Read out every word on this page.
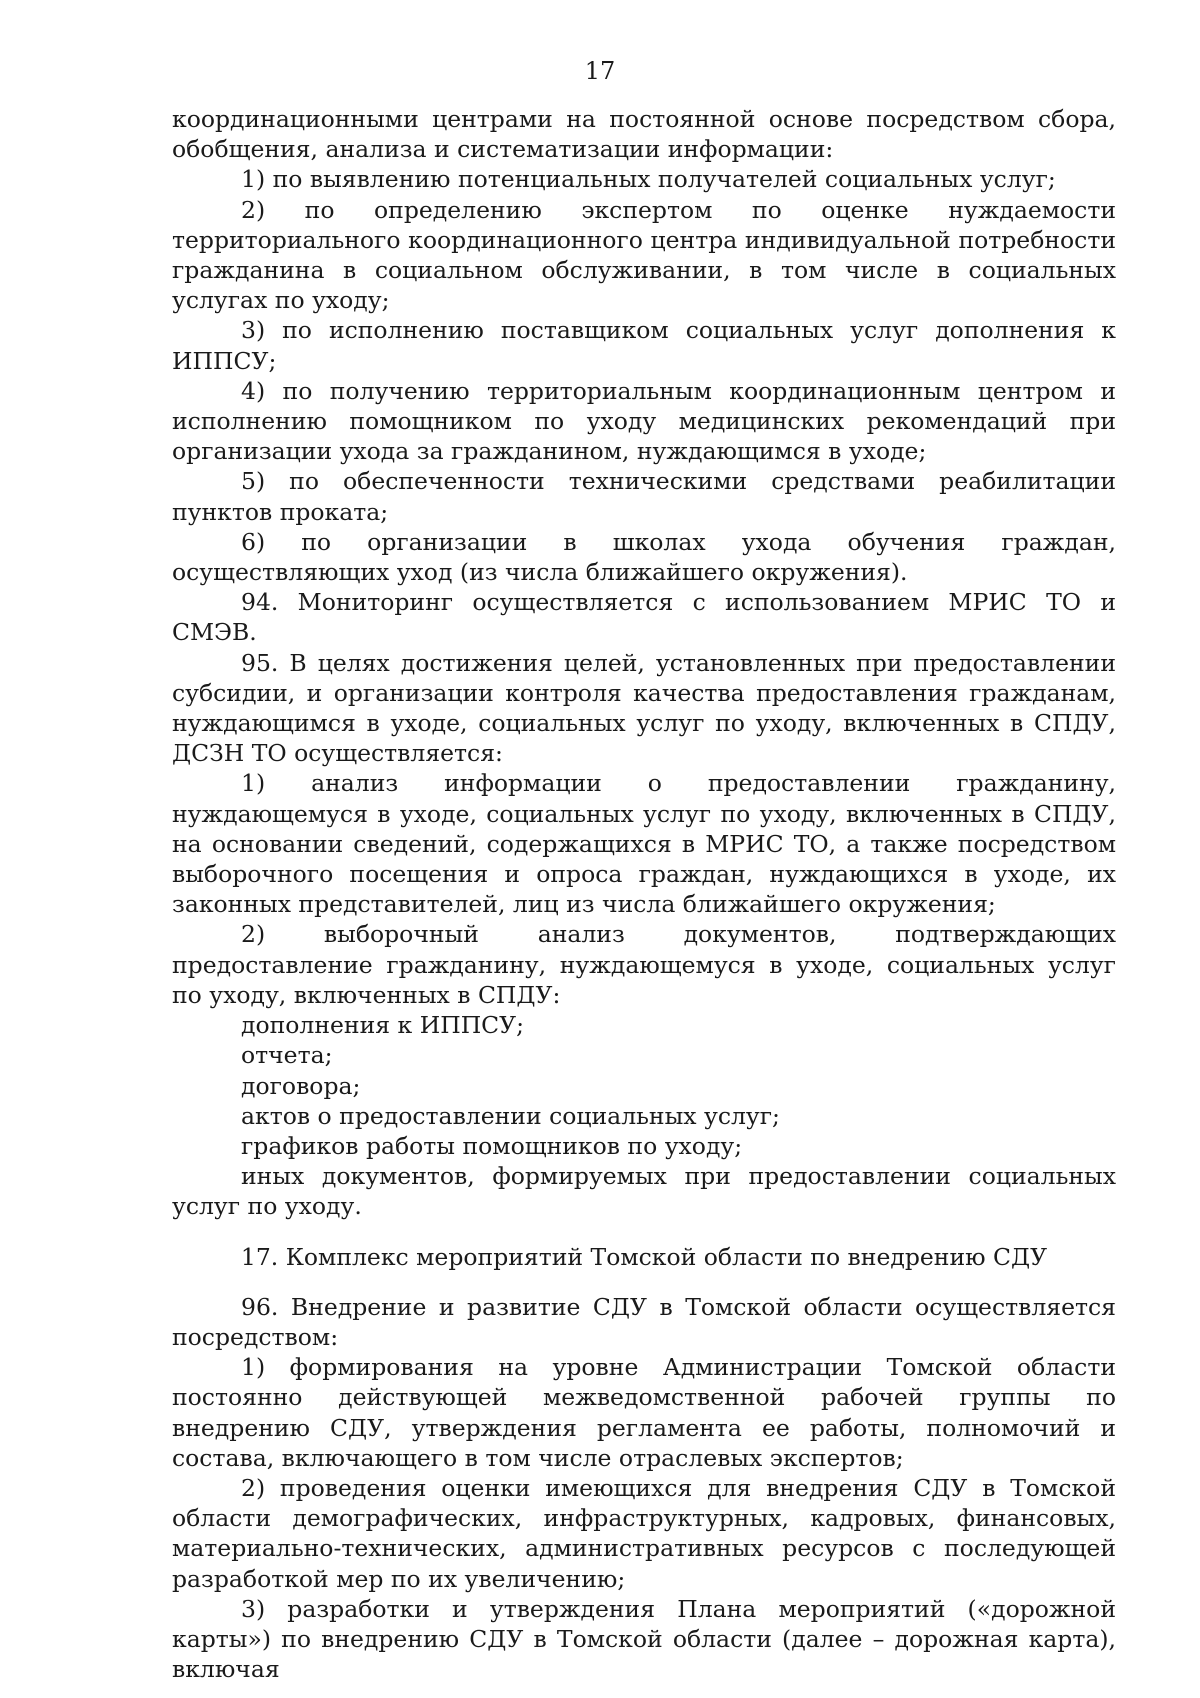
17

координационными центрами на постоянной основе посредством сбора, обобщения, анализа и систематизации информации:

1) по выявлению потенциальных получателей социальных услуг;

2) по определению экспертом по оценке нуждаемости территориального координационного центра индивидуальной потребности гражданина в социальном обслуживании, в том числе в социальных услугах по уходу;

3) по исполнению поставщиком социальных услуг дополнения к ИППСУ;

4) по получению территориальным координационным центром и исполнению помощником по уходу медицинских рекомендаций при организации ухода за гражданином, нуждающимся в уходе;

5) по обеспеченности техническими средствами реабилитации пунктов проката;

6) по организации в школах ухода обучения граждан, осуществляющих уход (из числа ближайшего окружения).

94. Мониторинг осуществляется с использованием МРИС ТО и СМЭВ.

95. В целях достижения целей, установленных при предоставлении субсидии, и организации контроля качества предоставления гражданам, нуждающимся в уходе, социальных услуг по уходу, включенных в СПДУ, ДСЗН ТО осуществляется:

1) анализ информации о предоставлении гражданину, нуждающемуся в уходе, социальных услуг по уходу, включенных в СПДУ, на основании сведений, содержащихся в МРИС ТО, а также посредством выборочного посещения и опроса граждан, нуждающихся в уходе, их законных представителей, лиц из числа ближайшего окружения;

2) выборочный анализ документов, подтверждающих предоставление гражданину, нуждающемуся в уходе, социальных услуг по уходу, включенных в СПДУ:

дополнения к ИППСУ;

отчета;

договора;

актов о предоставлении социальных услуг;

графиков работы помощников по уходу;

иных документов, формируемых при предоставлении социальных услуг по уходу.

17. Комплекс мероприятий Томской области по внедрению СДУ

96. Внедрение и развитие СДУ в Томской области осуществляется посредством:

1) формирования на уровне Администрации Томской области постоянно действующей межведомственной рабочей группы по внедрению СДУ, утверждения регламента ее работы, полномочий и состава, включающего в том числе отраслевых экспертов;

2) проведения оценки имеющихся для внедрения СДУ в Томской области демографических, инфраструктурных, кадровых, финансовых, материально-технических, административных ресурсов с последующей разработкой мер по их увеличению;

3) разработки и утверждения Плана мероприятий («дорожной карты») по внедрению СДУ в Томской области (далее – дорожная карта), включая
